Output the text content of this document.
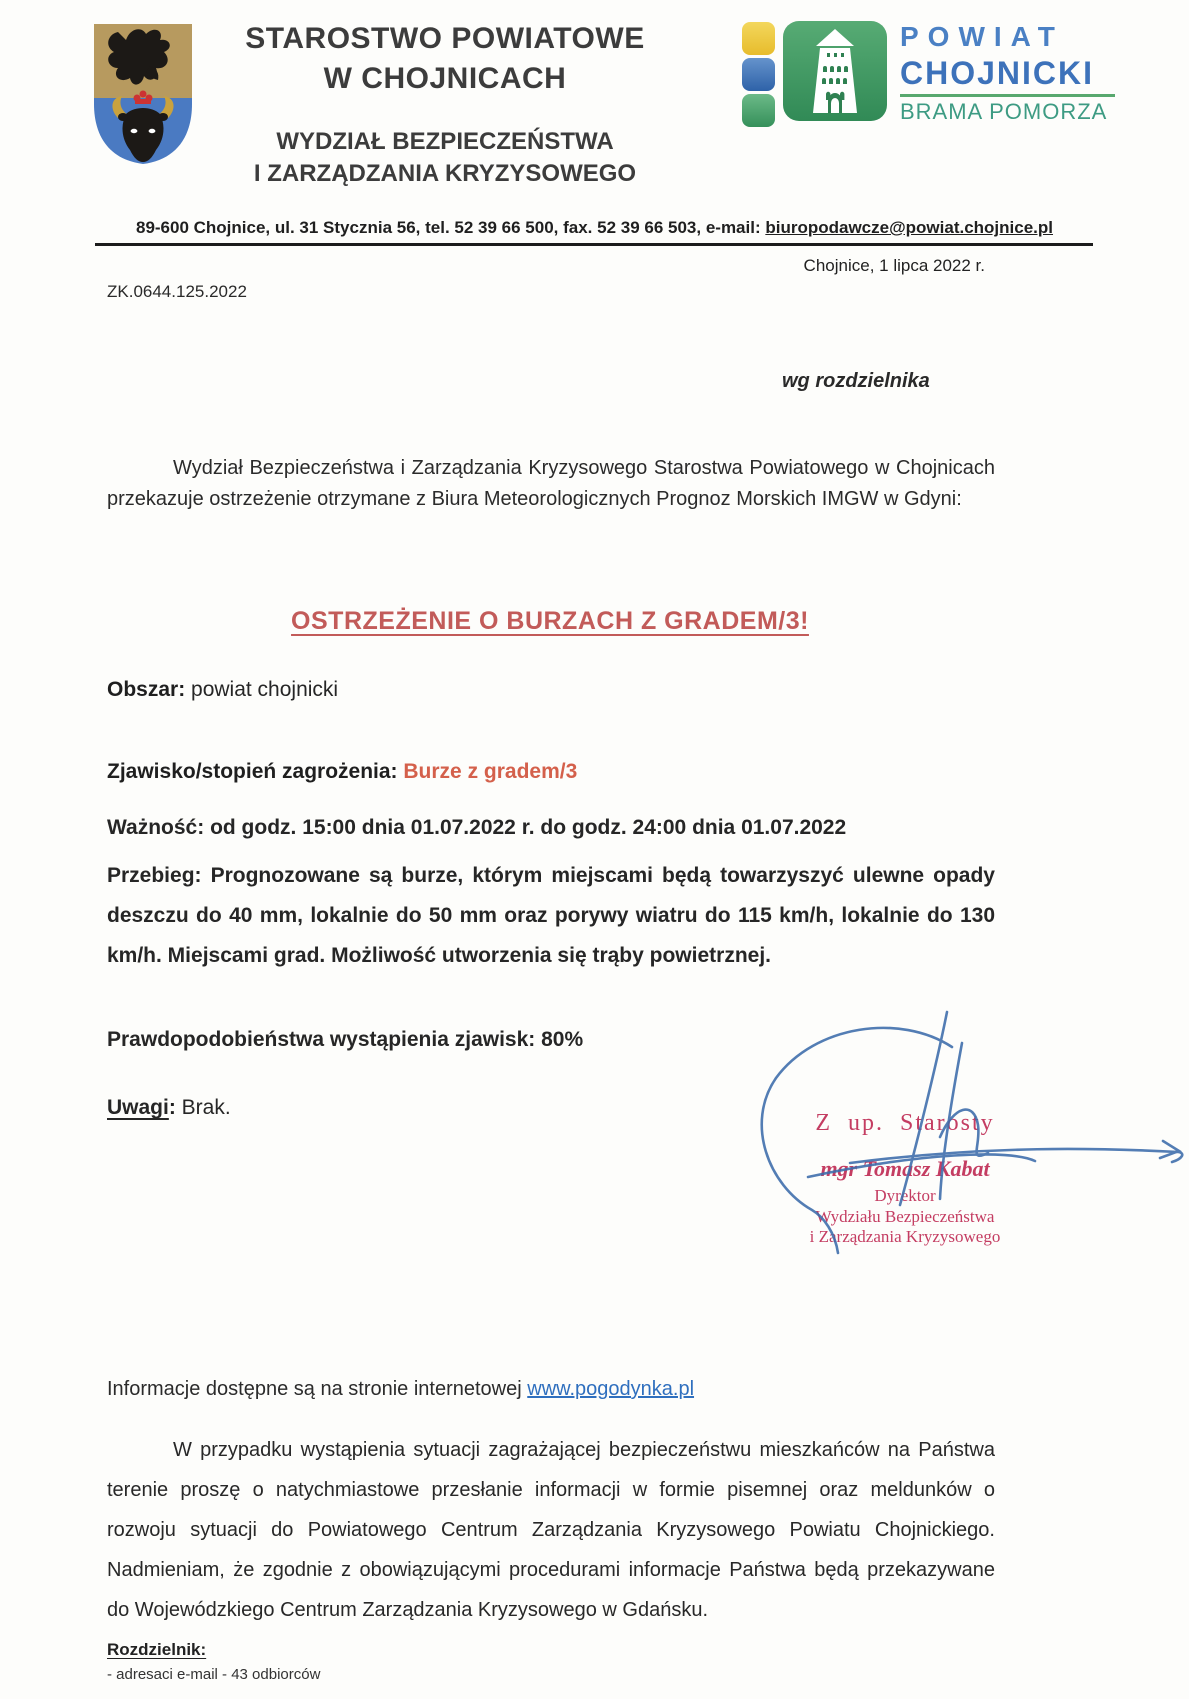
STAROSTWO POWIATOWE
W CHOJNICACH
WYDZIAŁ BEZPIECZEŃSTWA
I ZARZĄDZANIA KRYZYSOWEGO
POWIAT
CHOJNICKI
BRAMA POMORZA
89-600 Chojnice, ul. 31 Stycznia 56, tel. 52 39 66 500, fax. 52 39 66 503, e-mail: biuropodawcze@powiat.chojnice.pl
Chojnice, 1 lipca 2022 r.
ZK.0644.125.2022
wg rozdzielnika
Wydział Bezpieczeństwa i Zarządzania Kryzysowego Starostwa Powiatowego w Chojnicach przekazuje ostrzeżenie otrzymane z Biura Meteorologicznych Prognoz Morskich IMGW w Gdyni:
OSTRZEŻENIE O BURZACH Z GRADEM/3!
Obszar: powiat chojnicki
Zjawisko/stopień zagrożenia: Burze z gradem/3
Ważność: od godz. 15:00 dnia 01.07.2022 r. do godz. 24:00 dnia 01.07.2022
Przebieg: Prognozowane są burze, którym miejscami będą towarzyszyć ulewne opady deszczu do 40 mm, lokalnie do 50 mm oraz porywy wiatru do 115 km/h, lokalnie do 130 km/h. Miejscami grad. Możliwość utworzenia się trąby powietrznej.
Prawdopodobieństwa wystąpienia zjawisk: 80%
Uwagi: Brak.
Z up. Starosty
mgr Tomasz Kabat
Dyrektor
Wydziału Bezpieczeństwa
i Zarządzania Kryzysowego
Informacje dostępne są na stronie internetowej www.pogodynka.pl
W przypadku wystąpienia sytuacji zagrażającej bezpieczeństwu mieszkańców na Państwa terenie proszę o natychmiastowe przesłanie informacji w formie pisemnej oraz meldunków o rozwoju sytuacji do Powiatowego Centrum Zarządzania Kryzysowego Powiatu Chojnickiego. Nadmieniam, że zgodnie z obowiązującymi procedurami informacje Państwa będą przekazywane do Wojewódzkiego Centrum Zarządzania Kryzysowego w Gdańsku.
Rozdzielnik:
- adresaci e-mail - 43 odbiorców
